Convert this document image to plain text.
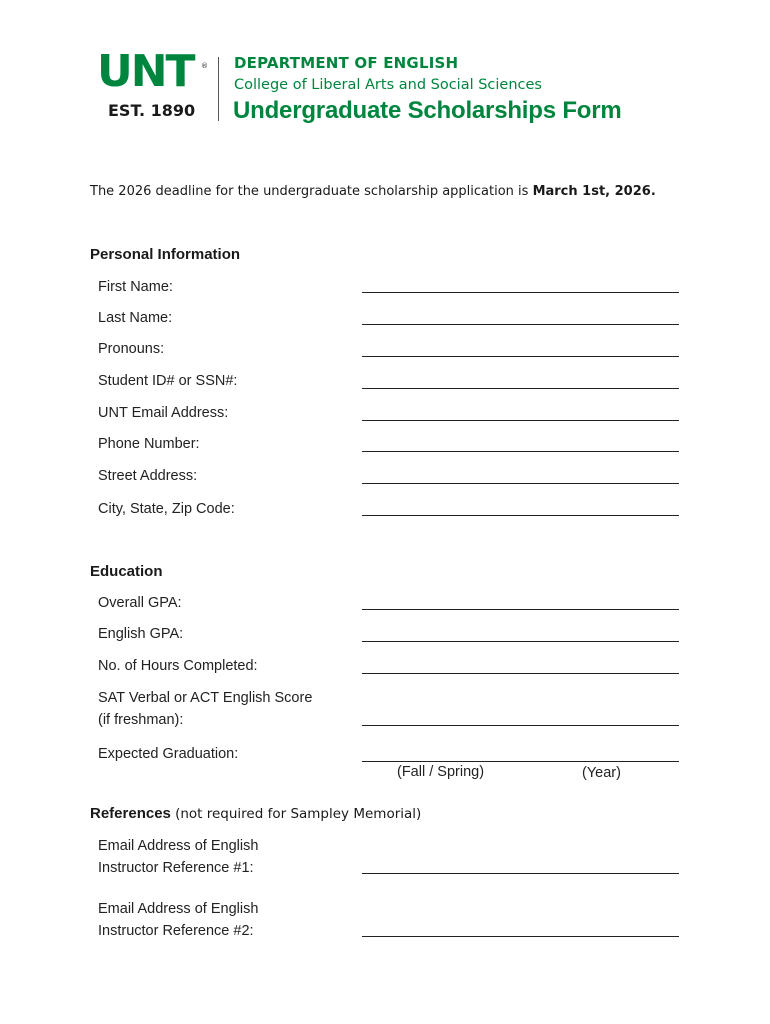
UNT ®
EST. 1890
DEPARTMENT OF ENGLISH
College of Liberal Arts and Social Sciences
Undergraduate Scholarships Form
The 2026 deadline for the undergraduate scholarship application is March 1st, 2026.
Personal Information
First Name:
Last Name:
Pronouns:
Student ID# or SSN#:
UNT Email Address:
Phone Number:
Street Address:
City, State, Zip Code:
Education
Overall GPA:
English GPA:
No. of Hours Completed:
SAT Verbal or ACT English Score
(if freshman):
Expected Graduation:
(Fall / Spring)	(Year)
References (not required for Sampley Memorial)
Email Address of English
Instructor Reference #1:
Email Address of English
Instructor Reference #2:
